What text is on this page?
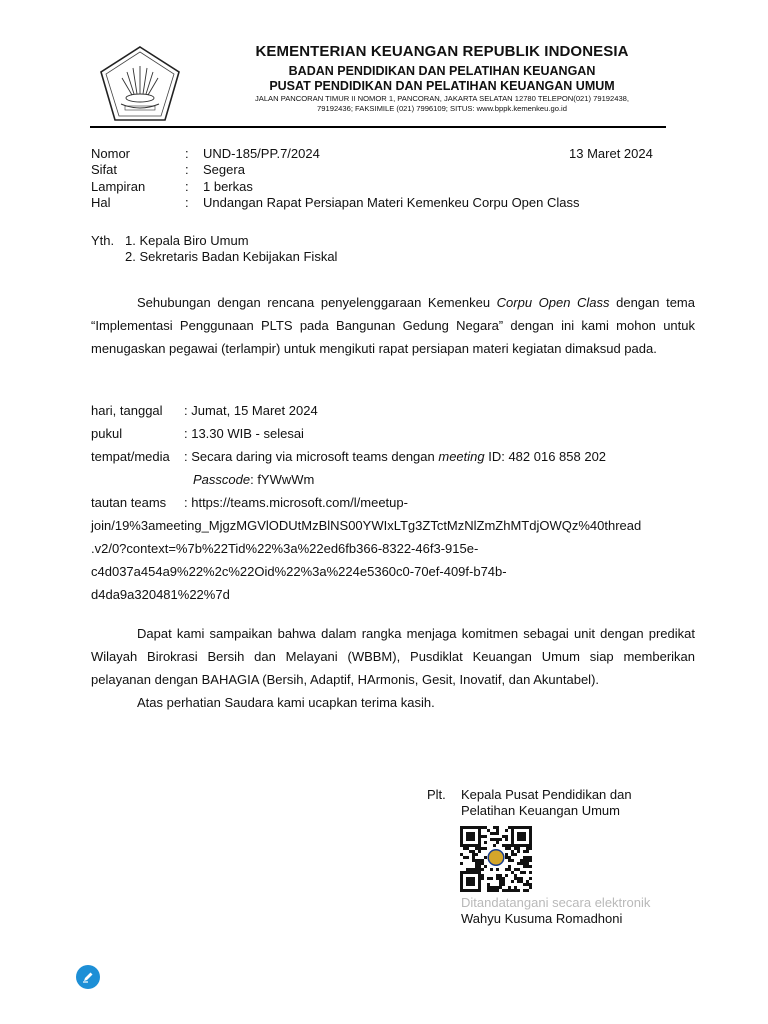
KEMENTERIAN KEUANGAN REPUBLIK INDONESIA
BADAN PENDIDIKAN DAN PELATIHAN KEUANGAN
PUSAT PENDIDIKAN DAN PELATIHAN KEUANGAN UMUM
JALAN PANCORAN TIMUR II NOMOR 1, PANCORAN, JAKARTA SELATAN 12780 TELEPON(021) 79192438,
79192436; FAKSIMILE (021) 7996109; SITUS: www.bppk.kemenkeu.go.id
Nomor	: UND-185/PP.7/2024	13 Maret 2024
Sifat	: Segera
Lampiran	: 1 berkas
Hal	: Undangan Rapat Persiapan Materi Kemenkeu Corpu Open Class
Yth. 1. Kepala Biro Umum
2. Sekretaris Badan Kebijakan Fiskal

Sehubungan dengan rencana penyelenggaraan Kemenkeu Corpu Open Class dengan tema “Implementasi Penggunaan PLTS pada Bangunan Gedung Negara” dengan ini kami mohon untuk menugaskan pegawai (terlampir) untuk mengikuti rapat persiapan materi kegiatan dimaksud pada.

hari, tanggal : Jumat, 15 Maret 2024
pukul	: 13.30 WIB - selesai
tempat/media : Secara daring via microsoft teams dengan meeting ID: 482 016 858 202
Passcode: fYWwWm
tautan teams : https://teams.microsoft.com/l/meetup-
join/19%3ameeting_MjgzMGVlODUtMzBlNS00YWIxLTg3ZTctMzNlZmZhMTdjOWQz%40thread
.v2/0?context=%7b%22Tid%22%3a%22ed6fb366-8322-46f3-915e-
c4d037a454a9%22%2c%22Oid%22%3a%224e5360c0-70ef-409f-b74b-
d4da9a320481%22%7d

Dapat kami sampaikan bahwa dalam rangka menjaga komitmen sebagai unit dengan predikat Wilayah Birokrasi Bersih dan Melayani (WBBM), Pusdiklat Keuangan Umum siap memberikan pelayanan dengan BAHAGIA (Bersih, Adaptif, HArmonis, Gesit, Inovatif, dan Akuntabel).

Atas perhatian Saudara kami ucapkan terima kasih.

Plt. Kepala Pusat Pendidikan dan
Pelatihan Keuangan Umum
Ditandatangani secara elektronik
Wahyu Kusuma Romadhoni
